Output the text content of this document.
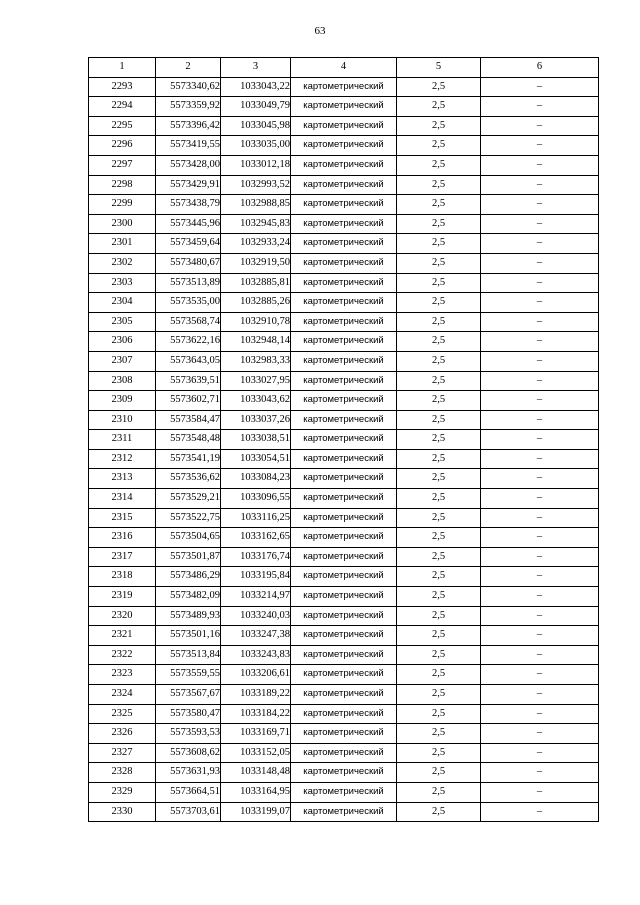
63
1	2	3	4	5	6
2293	5573340,62	1033043,22	картометрический	2,5	–
2294	5573359,92	1033049,79	картометрический	2,5	–
2295	5573396,42	1033045,98	картометрический	2,5	–
2296	5573419,55	1033035,00	картометрический	2,5	–
2297	5573428,00	1033012,18	картометрический	2,5	–
2298	5573429,91	1032993,52	картометрический	2,5	–
2299	5573438,79	1032988,85	картометрический	2,5	–
2300	5573445,96	1032945,83	картометрический	2,5	–
2301	5573459,64	1032933,24	картометрический	2,5	–
2302	5573480,67	1032919,50	картометрический	2,5	–
2303	5573513,89	1032885,81	картометрический	2,5	–
2304	5573535,00	1032885,26	картометрический	2,5	–
2305	5573568,74	1032910,78	картометрический	2,5	–
2306	5573622,16	1032948,14	картометрический	2,5	–
2307	5573643,05	1032983,33	картометрический	2,5	–
2308	5573639,51	1033027,95	картометрический	2,5	–
2309	5573602,71	1033043,62	картометрический	2,5	–
2310	5573584,47	1033037,26	картометрический	2,5	–
2311	5573548,48	1033038,51	картометрический	2,5	–
2312	5573541,19	1033054,51	картометрический	2,5	–
2313	5573536,62	1033084,23	картометрический	2,5	–
2314	5573529,21	1033096,55	картометрический	2,5	–
2315	5573522,75	1033116,25	картометрический	2,5	–
2316	5573504,65	1033162,65	картометрический	2,5	–
2317	5573501,87	1033176,74	картометрический	2,5	–
2318	5573486,29	1033195,84	картометрический	2,5	–
2319	5573482,09	1033214,97	картометрический	2,5	–
2320	5573489,93	1033240,03	картометрический	2,5	–
2321	5573501,16	1033247,38	картометрический	2,5	–
2322	5573513,84	1033243,83	картометрический	2,5	–
2323	5573559,55	1033206,61	картометрический	2,5	–
2324	5573567,67	1033189,22	картометрический	2,5	–
2325	5573580,47	1033184,22	картометрический	2,5	–
2326	5573593,53	1033169,71	картометрический	2,5	–
2327	5573608,62	1033152,05	картометрический	2,5	–
2328	5573631,93	1033148,48	картометрический	2,5	–
2329	5573664,51	1033164,95	картометрический	2,5	–
2330	5573703,61	1033199,07	картометрический	2,5	–
